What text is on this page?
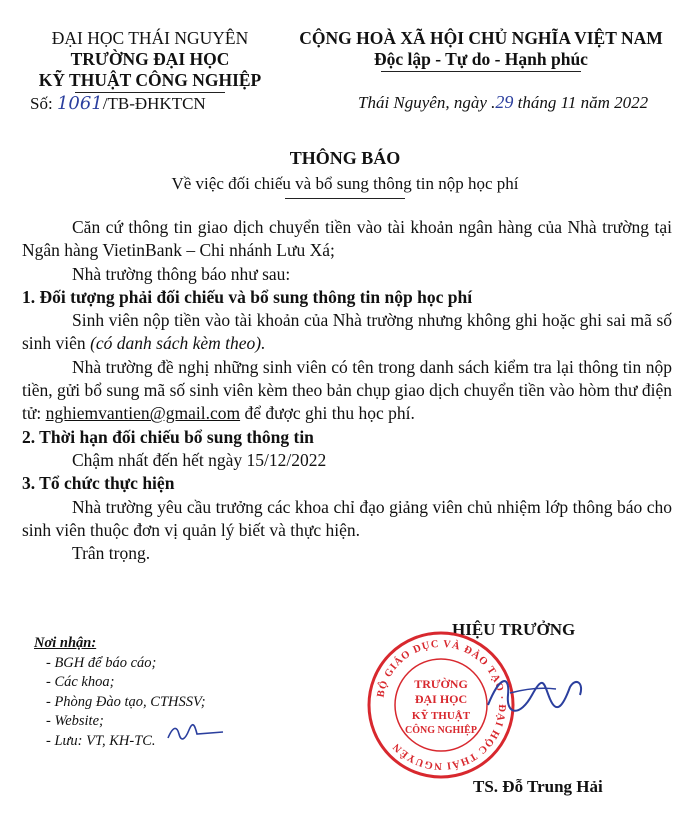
ĐẠI HỌC THÁI NGUYÊN
TRƯỜNG ĐẠI HỌC
KỸ THUẬT CÔNG NGHIỆP
CỘNG HOÀ XÃ HỘI CHỦ NGHĨA VIỆT NAM
Độc lập - Tự do - Hạnh phúc
Số: 1061/TB-ĐHKTCN	Thái Nguyên, ngày .29 tháng 11 năm 2022
THÔNG BÁO
Về việc đối chiếu và bổ sung thông tin nộp học phí

Căn cứ thông tin giao dịch chuyển tiền vào tài khoản ngân hàng của Nhà trường tại Ngân hàng VietinBank – Chi nhánh Lưu Xá;

Nhà trường thông báo như sau:

1. Đối tượng phải đối chiếu và bổ sung thông tin nộp học phí

Sinh viên nộp tiền vào tài khoản của Nhà trường nhưng không ghi hoặc ghi sai mã số sinh viên (có danh sách kèm theo).

Nhà trường đề nghị những sinh viên có tên trong danh sách kiểm tra lại thông tin nộp tiền, gửi bổ sung mã số sinh viên kèm theo bản chụp giao dịch chuyển tiền vào hòm thư điện tử: nghiemvantien@gmail.com để được ghi thu học phí.

2. Thời hạn đối chiếu bổ sung thông tin

Chậm nhất đến hết ngày 15/12/2022

3. Tổ chức thực hiện

Nhà trường yêu cầu trưởng các khoa chỉ đạo giảng viên chủ nhiệm lớp thông báo cho sinh viên thuộc đơn vị quản lý biết và thực hiện.

Trân trọng.

Nơi nhận:
- BGH để báo cáo;
- Các khoa;
- Phòng Đào tạo, CTHSSV;
- Website;
- Lưu: VT, KH-TC.
HIỆU TRƯỞNG
BỘ GIÁO DỤC VÀ ĐÀO TẠO · ĐẠI HỌC THÁI NGUYÊN
TRƯỜNG
ĐẠI HỌC
KỸ THUẬT
CÔNG NGHIỆP
TS. Đỗ Trung Hải
